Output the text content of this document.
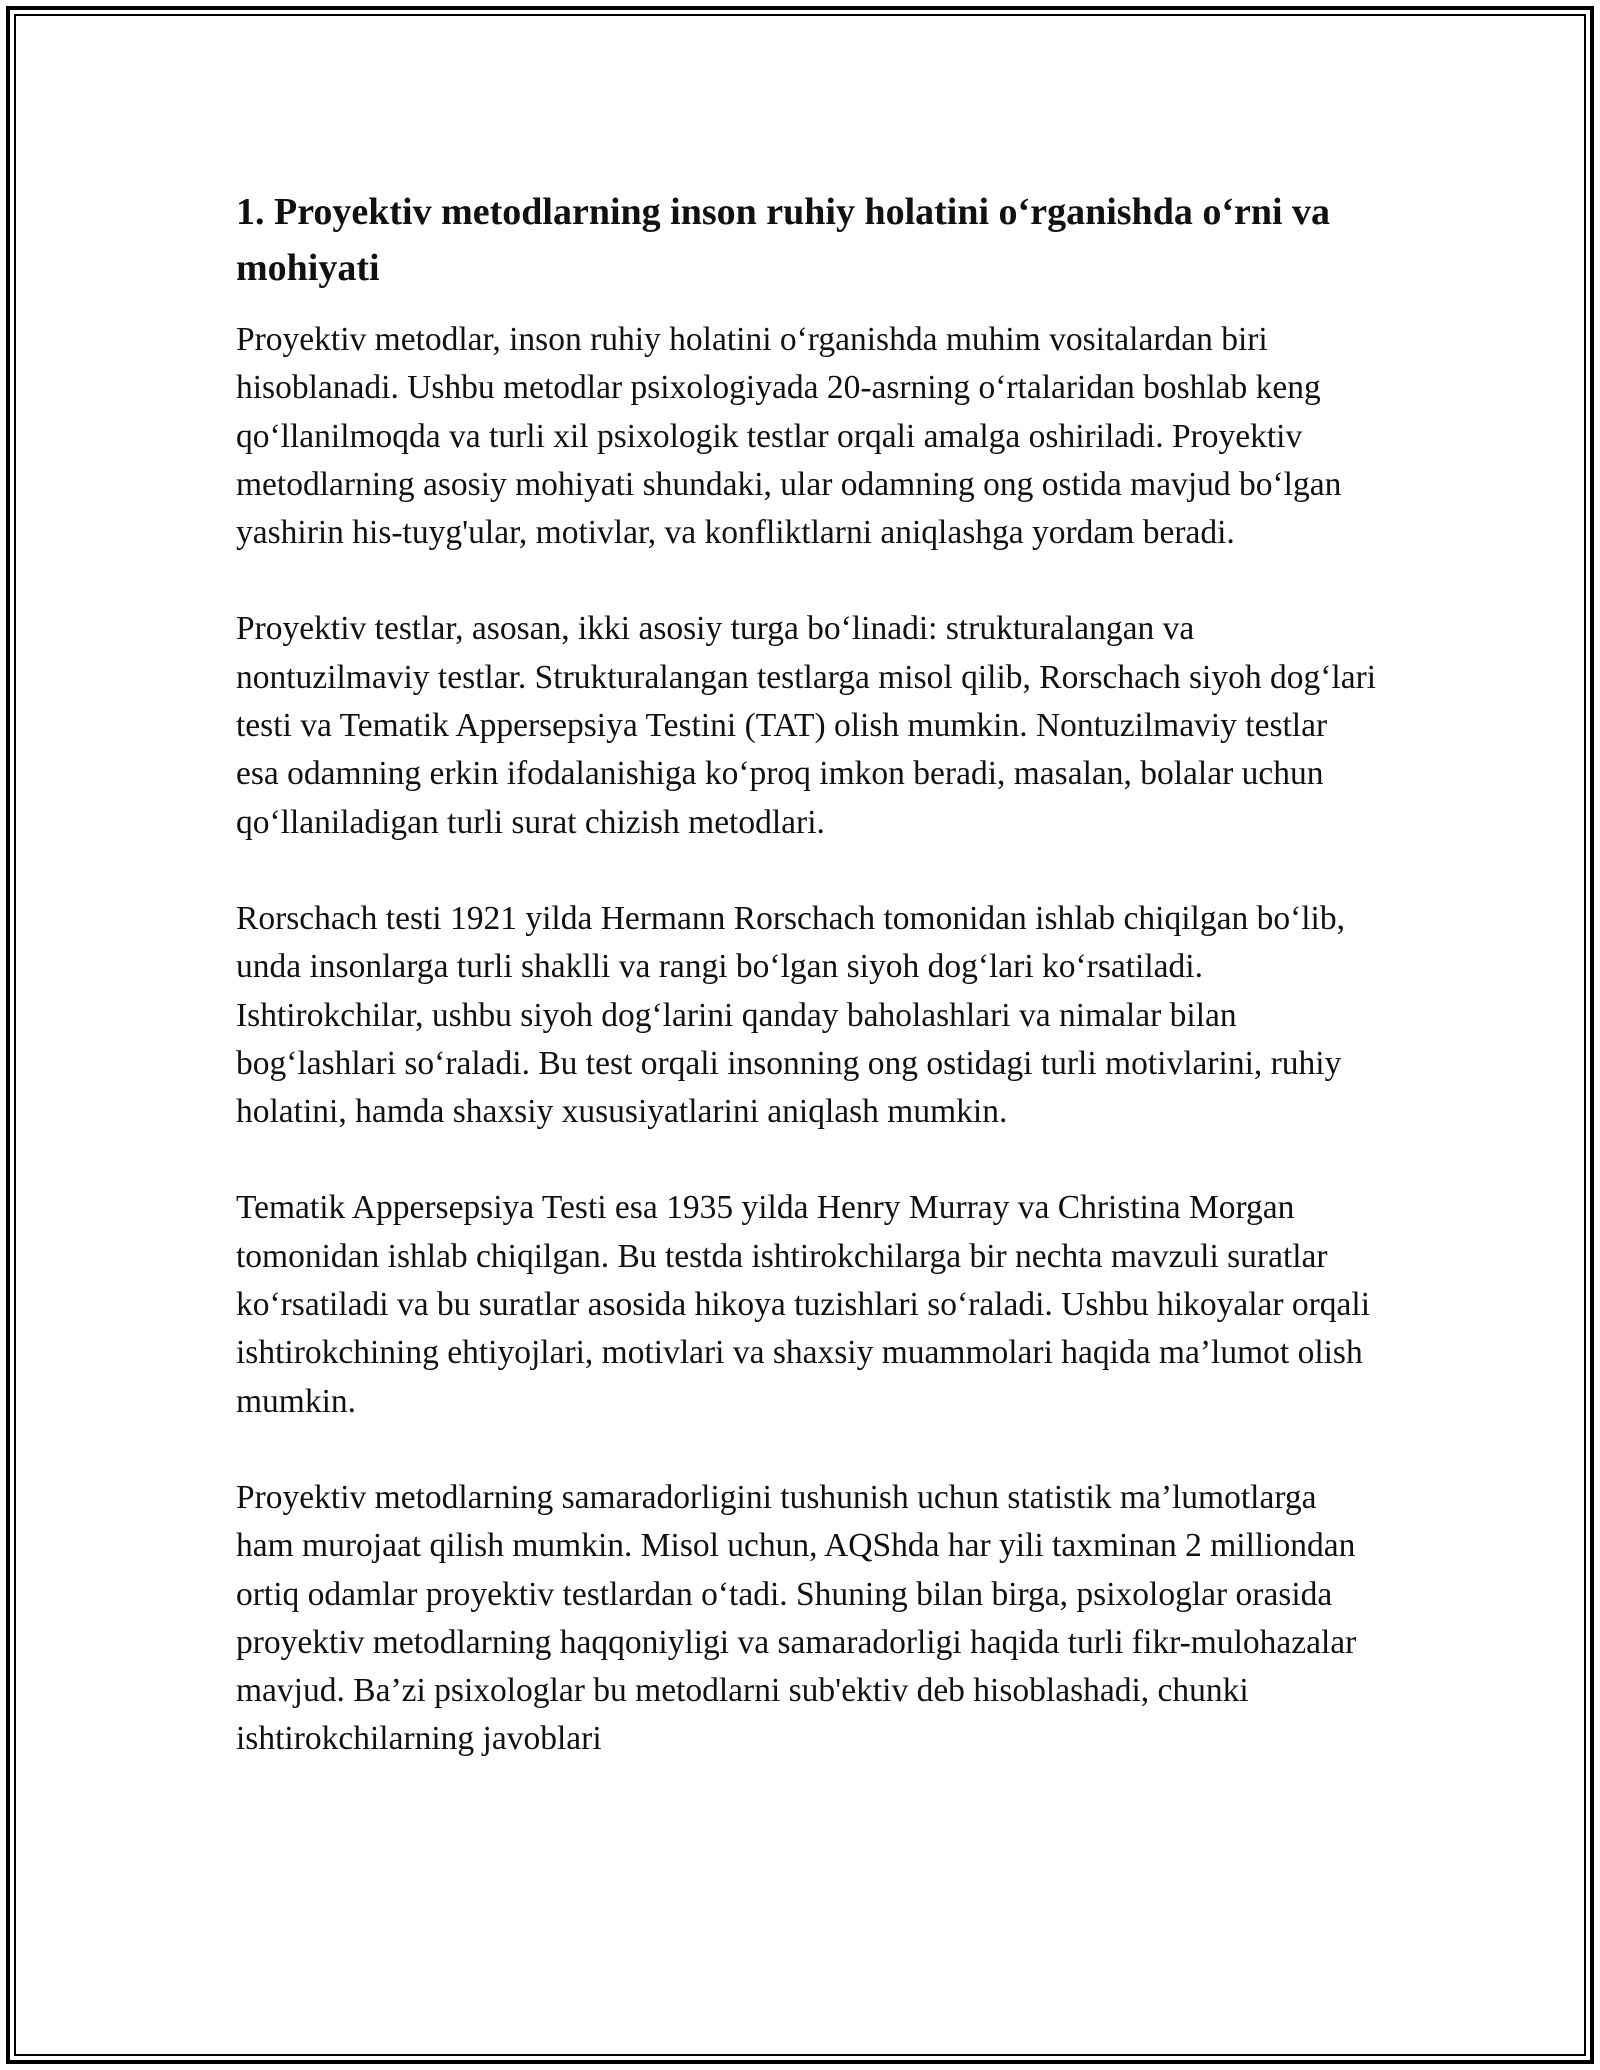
1. Proyektiv metodlarning inson ruhiy holatini oʻrganishda oʻrni va mohiyati

Proyektiv metodlar, inson ruhiy holatini oʻrganishda muhim vositalardan biri hisoblanadi. Ushbu metodlar psixologiyada 20-asrning oʻrtalaridan boshlab keng qoʻllanilmoqda va turli xil psixologik testlar orqali amalga oshiriladi. Proyektiv metodlarning asosiy mohiyati shundaki, ular odamning ong ostida mavjud boʻlgan yashirin his-tuyg'ular, motivlar, va konfliktlarni aniqlashga yordam beradi.

Proyektiv testlar, asosan, ikki asosiy turga boʻlinadi: strukturalangan va nontuzilmaviy testlar. Strukturalangan testlarga misol qilib, Rorschach siyoh dogʻlari testi va Tematik Appersepsiya Testini (TAT) olish mumkin. Nontuzilmaviy testlar esa odamning erkin ifodalanishiga koʻproq imkon beradi, masalan, bolalar uchun qoʻllaniladigan turli surat chizish metodlari.

Rorschach testi 1921 yilda Hermann Rorschach tomonidan ishlab chiqilgan boʻlib, unda insonlarga turli shaklli va rangi boʻlgan siyoh dogʻlari koʻrsatiladi. Ishtirokchilar, ushbu siyoh dogʻlarini qanday baholashlari va nimalar bilan bogʻlashlari soʻraladi. Bu test orqali insonning ong ostidagi turli motivlarini, ruhiy holatini, hamda shaxsiy xususiyatlarini aniqlash mumkin.

Tematik Appersepsiya Testi esa 1935 yilda Henry Murray va Christina Morgan tomonidan ishlab chiqilgan. Bu testda ishtirokchilarga bir nechta mavzuli suratlar koʻrsatiladi va bu suratlar asosida hikoya tuzishlari soʻraladi. Ushbu hikoyalar orqali ishtirokchining ehtiyojlari, motivlari va shaxsiy muammolari haqida ma’lumot olish mumkin.

Proyektiv metodlarning samaradorligini tushunish uchun statistik ma’lumotlarga ham murojaat qilish mumkin. Misol uchun, AQShda har yili taxminan 2 milliondan ortiq odamlar proyektiv testlardan oʻtadi. Shuning bilan birga, psixologlar orasida proyektiv metodlarning haqqoniyligi va samaradorligi haqida turli fikr-mulohazalar mavjud. Ba’zi psixologlar bu metodlarni sub'ektiv deb hisoblashadi, chunki ishtirokchilarning javoblari
